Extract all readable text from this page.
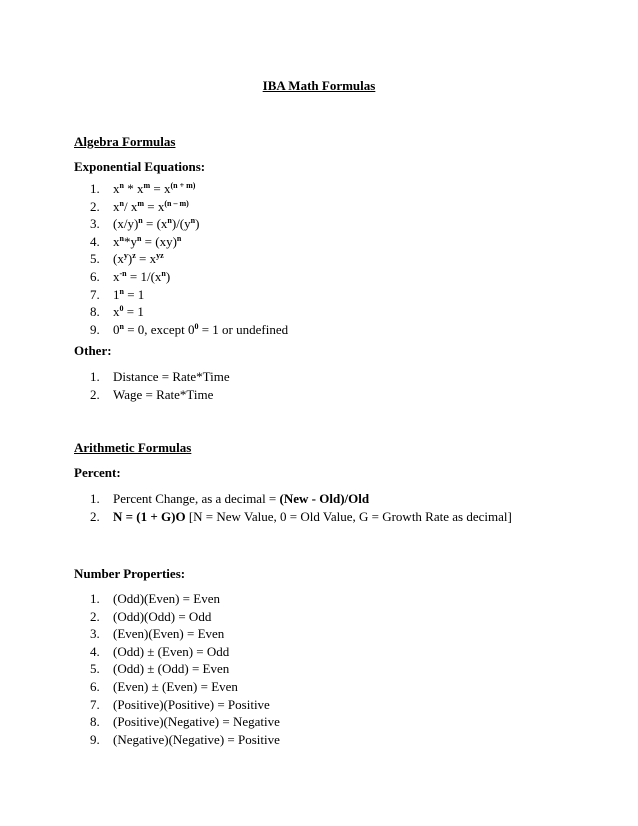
IBA Math Formulas
Algebra Formulas
Exponential Equations:
1. $x^n * x^m = x^{(n + m)}$
2. $x^n/$ $x^m = x^{(n - m)}$
3. $(x/y)^n = (x^n)/(y^n)$
4. $x^n*y^n = (xy)^n$
5. $(x^y)^z = x^{yz}$
6. $x^{-n} = 1/(x^n)$
7. $1^n = 1$
8. $x^0 = 1$
9. $0^n = 0$, except $0^0 = 1$ or undefined
Other:
1. Distance = Rate*Time
2. Wage = Rate*Time
Arithmetic Formulas
Percent:
1. Percent Change, as a decimal = (New - Old)/Old
2. N = (1 + G)O [N = New Value, 0 = Old Value, G = Growth Rate as decimal]
Number Properties:
1. (Odd)(Even) = Even
2. (Odd)(Odd) = Odd
3. (Even)(Even) = Even
4. (Odd) ± (Even) = Odd
5. (Odd) ± (Odd) = Even
6. (Even) ± (Even) = Even
7. (Positive)(Positive) = Positive
8. (Positive)(Negative) = Negative
9. (Negative)(Negative) = Positive
